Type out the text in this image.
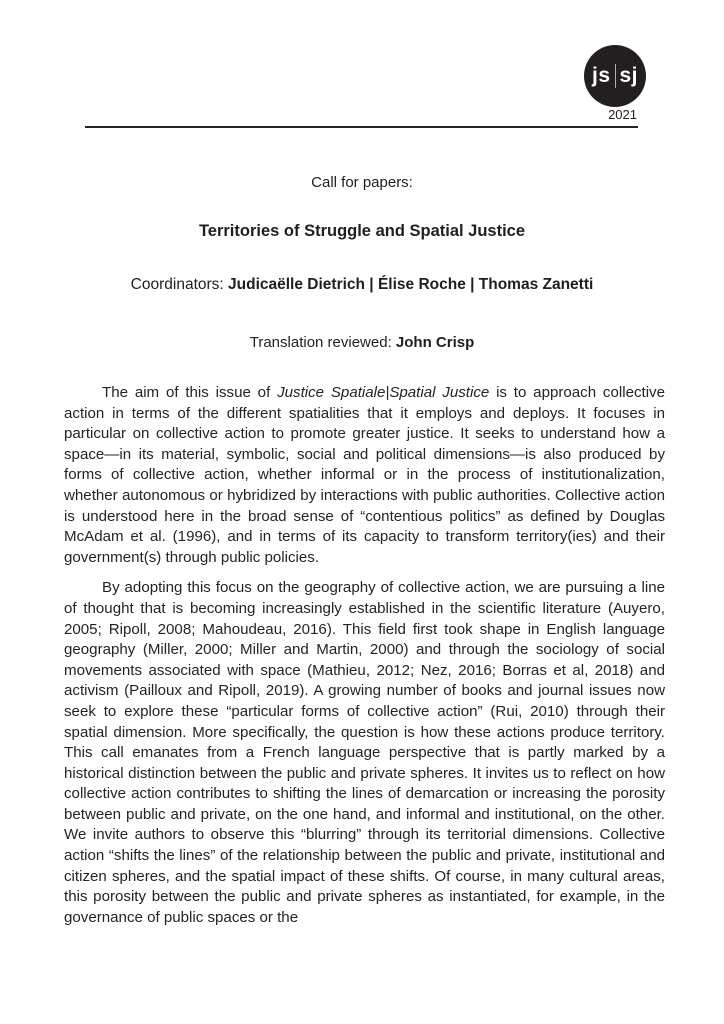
js sj
2021
Call for papers:
Territories of Struggle and Spatial Justice
Coordinators: Judicaëlle Dietrich | Élise Roche | Thomas Zanetti
Translation reviewed: John Crisp

The aim of this issue of Justice Spatiale|Spatial Justice is to approach collective action in terms of the different spatialities that it employs and deploys. It focuses in particular on collective action to promote greater justice. It seeks to understand how a space—in its material, symbolic, social and political dimensions—is also produced by forms of collective action, whether informal or in the process of institutionalization, whether autonomous or hybridized by interactions with public authorities. Collective action is understood here in the broad sense of “contentious politics” as defined by Douglas McAdam et al. (1996), and in terms of its capacity to transform territory(ies) and their government(s) through public policies.

By adopting this focus on the geography of collective action, we are pursuing a line of thought that is becoming increasingly established in the scientific literature (Auyero, 2005; Ripoll, 2008; Mahoudeau, 2016). This field first took shape in English language geography (Miller, 2000; Miller and Martin, 2000) and through the sociology of social movements associated with space (Mathieu, 2012; Nez, 2016; Borras et al, 2018) and activism (Pailloux and Ripoll, 2019). A growing number of books and journal issues now seek to explore these “particular forms of collective action” (Rui, 2010) through their spatial dimension. More specifically, the question is how these actions produce territory. This call emanates from a French language perspective that is partly marked by a historical distinction between the public and private spheres. It invites us to reflect on how collective action contributes to shifting the lines of demarcation or increasing the porosity between public and private, on the one hand, and informal and institutional, on the other. We invite authors to observe this “blurring” through its territorial dimensions. Collective action “shifts the lines” of the relationship between the public and private, institutional and citizen spheres, and the spatial impact of these shifts. Of course, in many cultural areas, this porosity between the public and private spheres as instantiated, for example, in the governance of public spaces or the
